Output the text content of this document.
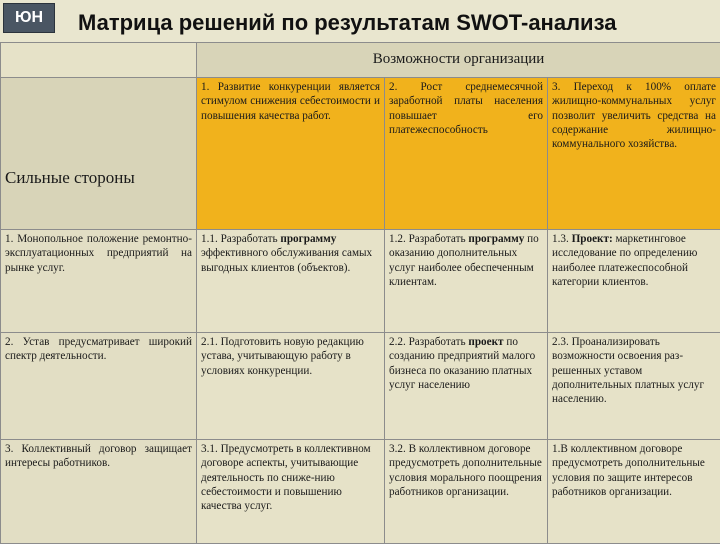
ЮН	Матрица решений по результатам SWOT-анализа
	Возможности организации		
Сильные стороны	1. Развитие конкуренции является стимулом снижения себестоимости и повышения качества работ.	2. Рост среднемесячной заработной платы населения повышает его платежеспособность	3. Переход к 100% оплате жилищно-коммунальных услуг позволит увеличить средства на содержание жилищно-коммунального хозяйства.
1. Монопольное положение ремонтно-эксплуатационных предприятий на рынке услуг.	1.1. Разработать программу эффективного обслуживания самых выгодных клиентов (объектов).	1.2. Разработать программу по оказанию дополнительных услуг наиболее обеспеченным клиентам.	1.3. Проект: маркетинговое исследование по определению наиболее платежеспособной категории клиентов.
2. Устав предусматривает широкий спектр деятельности.	2.1. Подготовить новую редакцию устава, учитывающую работу в условиях конкуренции.	2.2. Разработать проект по созданию предприятий малого бизнеса по оказанию платных услуг населению	2.3. Проанализировать возможности освоения раз-решенных уставом дополнительных платных услуг населению.
3. Коллективный договор защищает интересы работников.	3.1. Предусмотреть в коллективном договоре аспекты, учитывающие деятельность по сниже-нию себестоимости и повышению качества услуг.	3.2. В коллективном договоре предусмотреть дополнительные условия морального поощрения работников организации.	1.В коллективном договоре предусмотреть дополнительные условия по защите интересов работников организации.
